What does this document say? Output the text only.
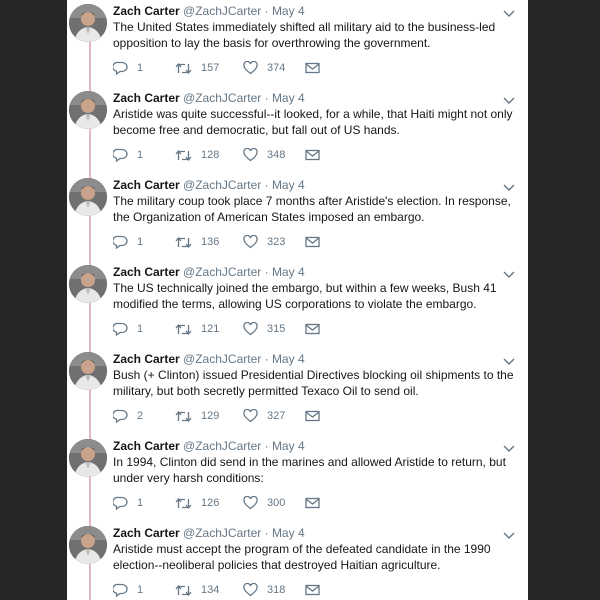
Zach Carter @ZachJCarter · May 4
The United States immediately shifted all military aid to the business-led opposition to lay the basis for overthrowing the government.
1	157	374
Zach Carter @ZachJCarter · May 4
Aristide was quite successful--it looked, for a while, that Haiti might not only become free and democratic, but fall out of US hands.
1	128	348
Zach Carter @ZachJCarter · May 4
The military coup took place 7 months after Aristide's election. In response, the Organization of American States imposed an embargo.
1	136	323
Zach Carter @ZachJCarter · May 4
The US technically joined the embargo, but within a few weeks, Bush 41 modified the terms, allowing US corporations to violate the embargo.
1	121	315
Zach Carter @ZachJCarter · May 4
Bush (+ Clinton) issued Presidential Directives blocking oil shipments to the military, but both secretly permitted Texaco Oil to send oil.
2	129	327
Zach Carter @ZachJCarter · May 4
In 1994, Clinton did send in the marines and allowed Aristide to return, but under very harsh conditions:
1	126	300
Zach Carter @ZachJCarter · May 4
Aristide must accept the program of the defeated candidate in the 1990 election--neoliberal policies that destroyed Haitian agriculture.
1	134	318
